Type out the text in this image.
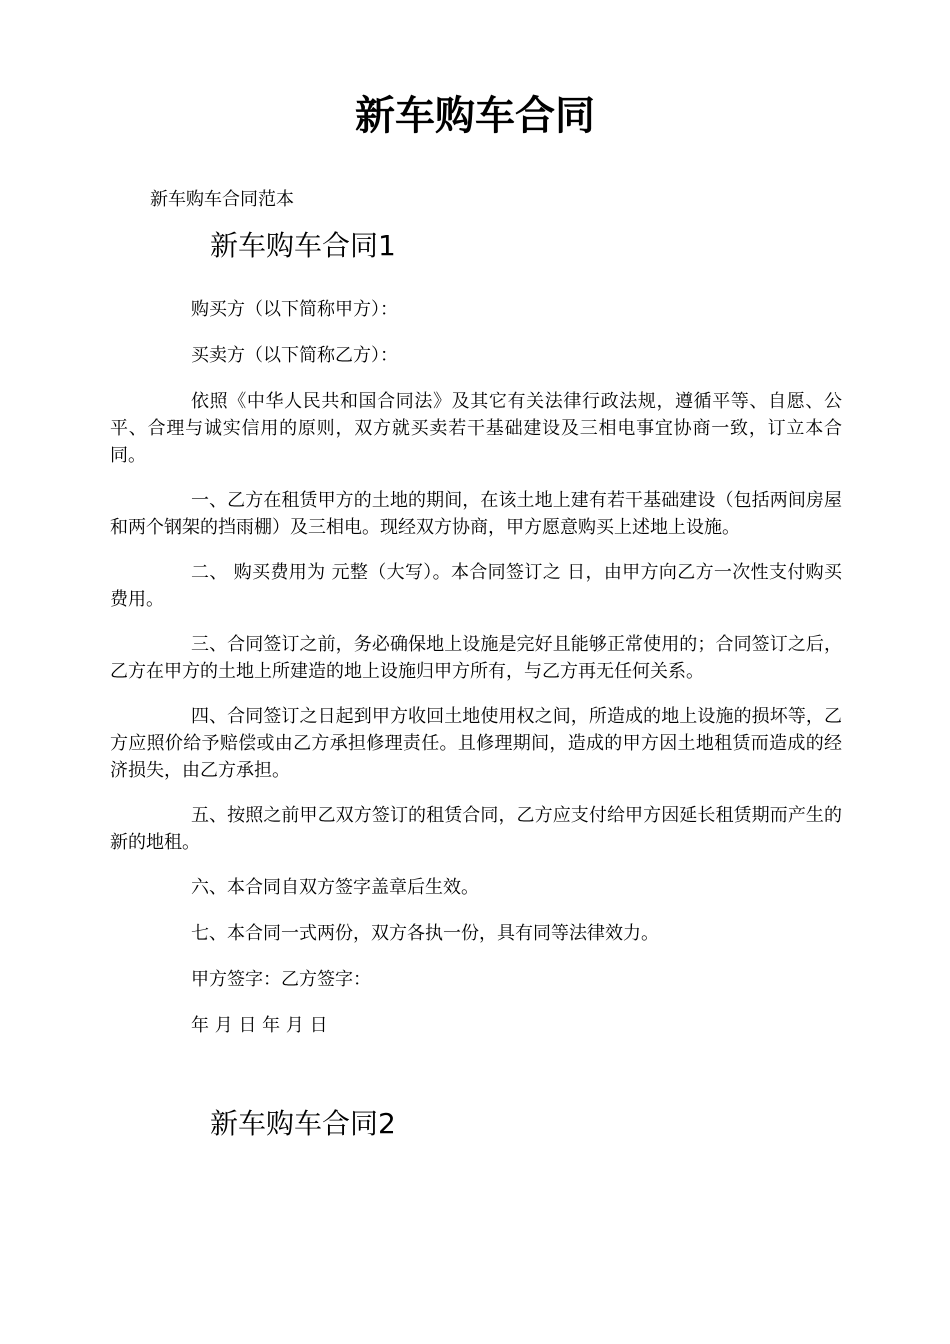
新车购车合同

新车购车合同范本

新车购车合同1

购买方（以下简称甲方）：

买卖方（以下简称乙方）：

依照《中华人民共和国合同法》及其它有关法律行政法规，遵循平等、自愿、公平、合理与诚实信用的原则，双方就买卖若干基础建设及三相电事宜协商一致，订立本合同。

一、乙方在租赁甲方的土地的期间，在该土地上建有若干基础建设（包括两间房屋和两个钢架的挡雨棚）及三相电。现经双方协商，甲方愿意购买上述地上设施。

二、 购买费用为 元整（大写）。本合同签订之 日，由甲方向乙方一次性支付购买费用。

三、合同签订之前，务必确保地上设施是完好且能够正常使用的；合同签订之后，乙方在甲方的土地上所建造的地上设施归甲方所有，与乙方再无任何关系。

四、合同签订之日起到甲方收回土地使用权之间，所造成的地上设施的损坏等，乙方应照价给予赔偿或由乙方承担修理责任。且修理期间，造成的甲方因土地租赁而造成的经济损失，由乙方承担。

五、按照之前甲乙双方签订的租赁合同，乙方应支付给甲方因延长租赁期而产生的新的地租。

六、本合同自双方签字盖章后生效。

七、本合同一式两份，双方各执一份，具有同等法律效力。

甲方签字：乙方签字：

年 月 日 年 月 日

新车购车合同2
